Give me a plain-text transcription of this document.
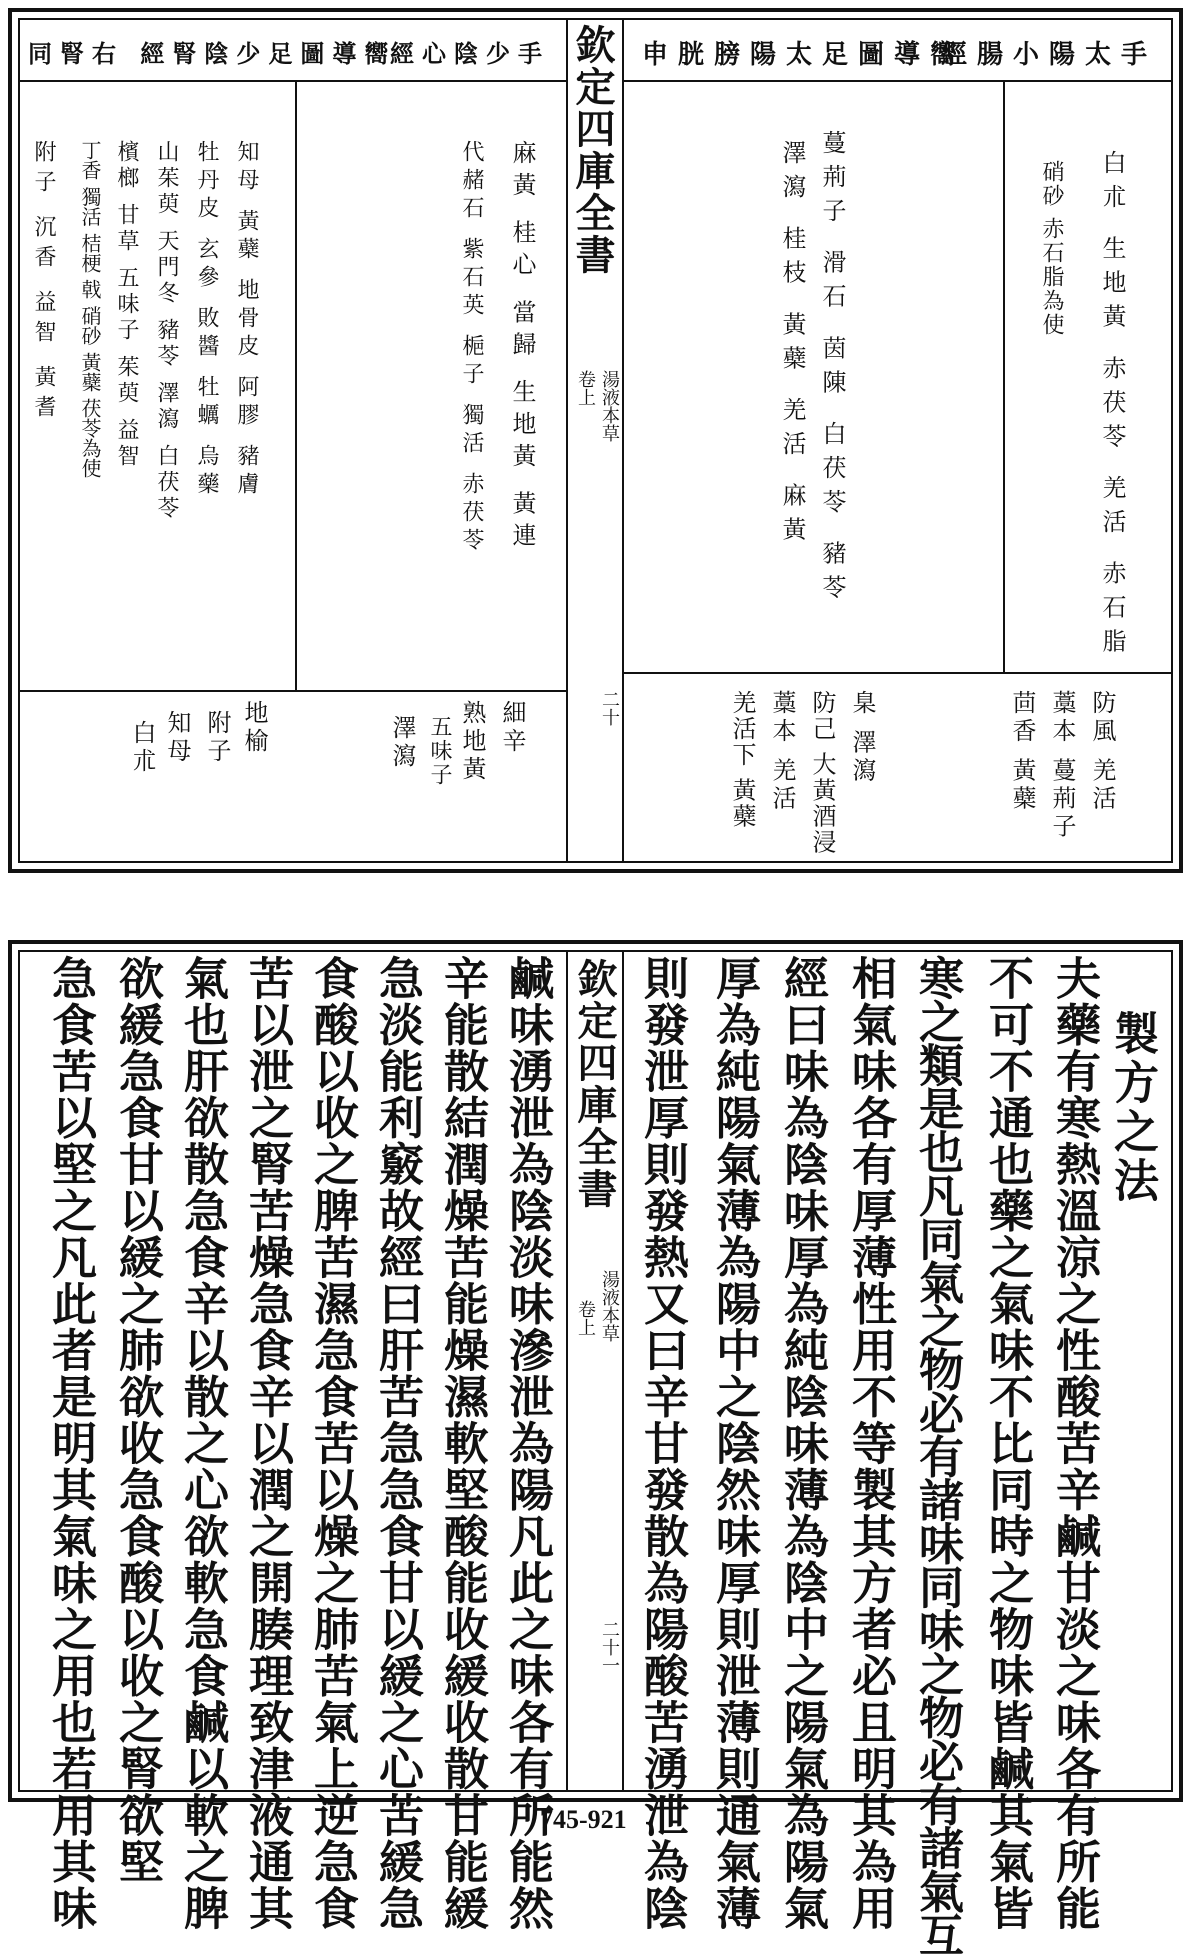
欽定四庫全書
湯液本草
卷上
二十
嚮導圖足太陽膀胱申
手太陽小腸經
嚮導圖足少陰腎經 右腎同
手少陰心經
白朮 生地黃 赤茯苓 羌活 赤石脂
硝砂 赤石脂為使
蔓荊子 滑石 茵陳 白茯苓 豬苓
澤瀉 桂枝 黃蘗 羌活 麻黃
防風 羌活
藁本 蔓荊子
茴香 黃蘗
臬 澤瀉
防己 大黃酒浸
藁本 羌活
羌活下 黃蘗
麻黃 桂心 當歸 生地黃 黃連
代赭石 紫石英 梔子 獨活 赤茯苓
知母 黃蘗 地骨皮 阿膠 豬膚
牡丹皮 玄參 敗醬 牡蠣 烏藥
山茱萸 天門冬 豬苓 澤瀉 白茯苓
檳榔 甘草 五味子 茱萸 益智
丁香 獨活 桔梗 戟 硝砂 黃蘗 茯苓為使
附子 沉香 益智 黃耆
細辛
熟地黃
五味子
澤瀉
地榆
附子
知母
白朮
欽定四庫全書
湯液本草
卷上
二十一
製方之法
夫藥有寒熱溫涼之性酸苦辛鹹甘淡之味各有所能
不可不通也藥之氣味不比同時之物味皆鹹其氣皆
寒之類是也凡同氣之物必有諸味同味之物必有諸氣互
相氣味各有厚薄性用不等製其方者必且明其為用
經曰味為陰味厚為純陰味薄為陰中之陽氣為陽氣
厚為純陽氣薄為陽中之陰然味厚則泄薄則通氣薄
則發泄厚則發熱又曰辛甘發散為陽酸苦湧泄為陰
鹹味湧泄為陰淡味滲泄為陽凡此之味各有所能然
辛能散結潤燥苦能燥濕軟堅酸能收緩收散甘能緩
急淡能利竅故經曰肝苦急急食甘以緩之心苦緩急
食酸以收之脾苦濕急食苦以燥之肺苦氣上逆急食
苦以泄之腎苦燥急食辛以潤之開腠理致津液通其
氣也肝欲散急食辛以散之心欲軟急食鹹以軟之脾
欲緩急食甘以緩之肺欲收急食酸以收之腎欲堅
急食苦以堅之凡此者是明其氣味之用也若用其味	745-921
